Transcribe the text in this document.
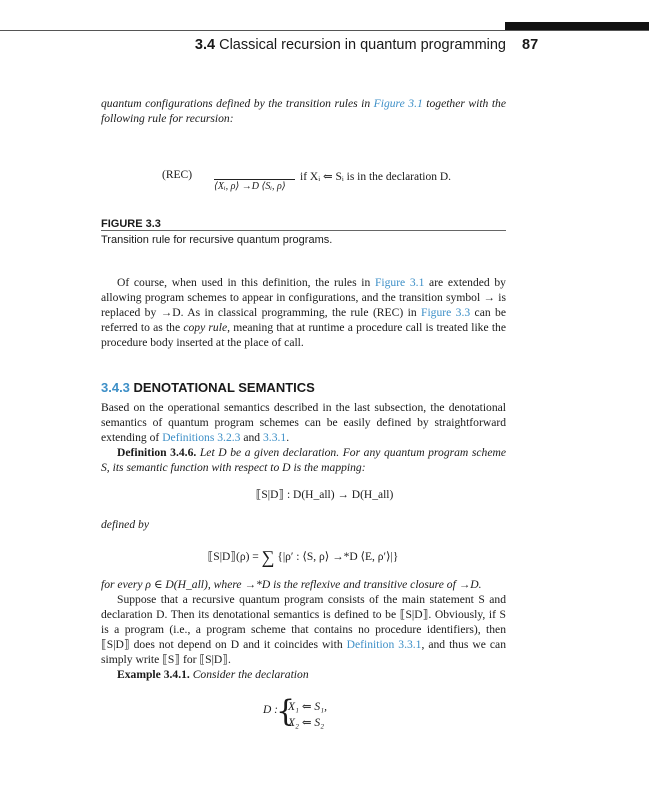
3.4 Classical recursion in quantum programming 87
quantum configurations defined by the transition rules in Figure 3.1 together with the following rule for recursion:
(REC)
⟨Xᵢ, ρ⟩ →D ⟨Sᵢ, ρ⟩
if Xᵢ ⇐ Sᵢ is in the declaration D.
FIGURE 3.3
Transition rule for recursive quantum programs.

Of course, when used in this definition, the rules in Figure 3.1 are extended by allowing program schemes to appear in configurations, and the transition symbol → is replaced by →D. As in classical programming, the rule (REC) in Figure 3.3 can be referred to as the copy rule, meaning that at runtime a procedure call is treated like the procedure body inserted at the place of call.

3.4.3 DENOTATIONAL SEMANTICS

Based on the operational semantics described in the last subsection, the denotational semantics of quantum program schemes can be easily defined by straightforward extending of Definitions 3.2.3 and 3.3.1.

Definition 3.4.6. Let D be a given declaration. For any quantum program scheme S, its semantic function with respect to D is the mapping:

⟦S|D⟧ : D(H_all) → D(H_all)
defined by
⟦S|D⟧(ρ) = ∑ {|ρ′ : ⟨S, ρ⟩ →*D ⟨E, ρ′⟩|}

for every ρ ∈ D(H_all), where →*D is the reflexive and transitive closure of →D.

Suppose that a recursive quantum program consists of the main statement S and declaration D. Then its denotational semantics is defined to be ⟦S|D⟧. Obviously, if S is a program (i.e., a program scheme that contains no procedure identifiers), then ⟦S|D⟧ does not depend on D and it coincides with Definition 3.3.1, and thus we can simply write ⟦S⟧ for ⟦S|D⟧.

Example 3.4.1. Consider the declaration

D :
{
X₁ ⇐ S₁,
X₂ ⇐ S₂
